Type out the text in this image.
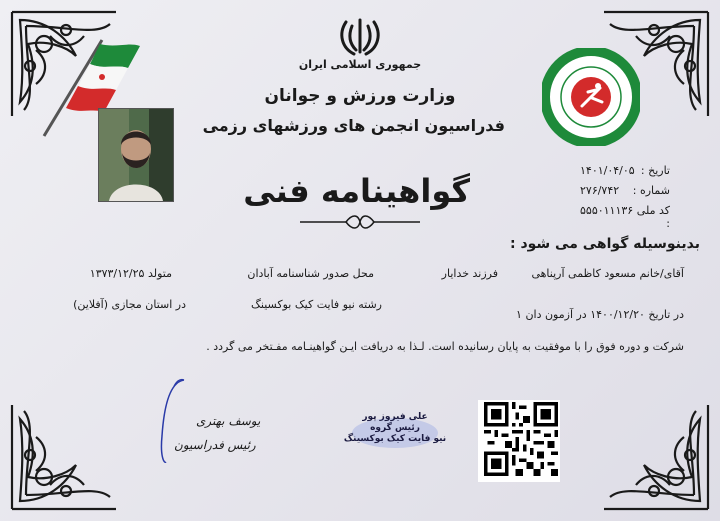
جمهوری اسلامی ایران
وزارت ورزش و جوانان
فدراسیون انجمن های ورزشهای رزمی
گواهینامه فنی
تاریخ :
۱۴۰۱/۰۴/۰۵
شماره :
۲۷۶/۷۴۲
کد ملی :
۵۵۵۰۱۱۱۳۶
بدینوسیله گواهی می شود :
آقای/خانم مسعود کاظمی آرپناهی
فرزند خدایار
محل صدور شناسنامه آبادان
متولد ۱۳۷۳/۱۲/۲۵
رشته نیو فایت کیک بوکسینگ
در استان مجازی (آفلاین)
در تاریخ ۱۴۰۰/۱۲/۲۰ در آزمون دان ۱
شرکت و دوره فوق را با موفقیت به پایان رسانیده است. لـذا به دریافت ایـن گواهینـامه مفـتخر می گردد .
یوسف بهتری
رئیس فدراسیون
علی فیروز پور
رئیس گروه
نیو فایت کیک بوکسینگ
